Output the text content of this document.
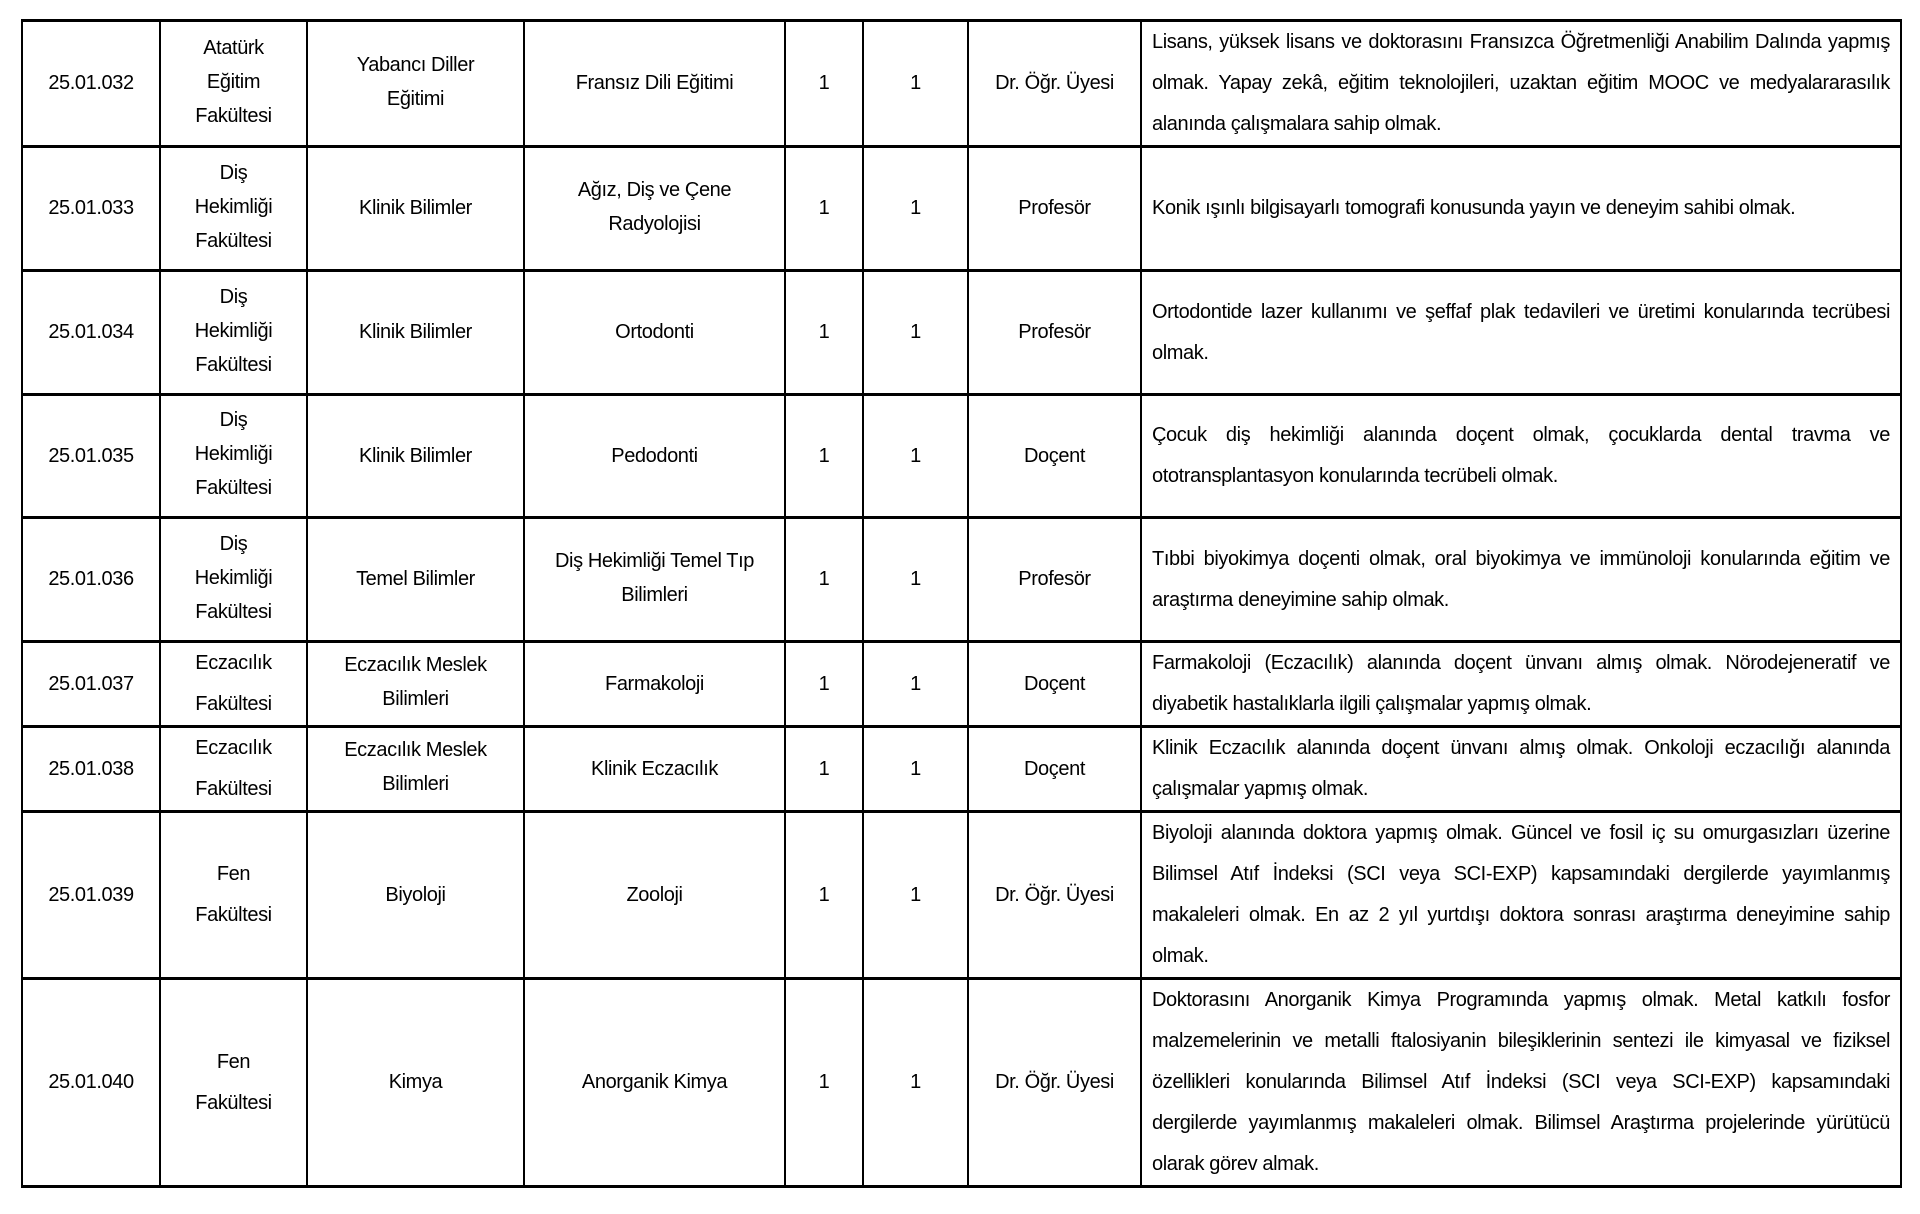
25.01.032	Atatürk Eğitim Fakültesi	Yabancı Diller Eğitimi	Fransız Dili Eğitimi	1	1	Dr. Öğr. Üyesi	Lisans, yüksek lisans ve doktorasını Fransızca Öğretmenliği Anabilim Dalında yapmış olmak. Yapay zekâ, eğitim teknolojileri, uzaktan eğitim MOOC ve medyalararasılık alanında çalışmalara sahip olmak.

25.01.033	Diş Hekimliği Fakültesi	Klinik Bilimler	Ağız, Diş ve Çene Radyolojisi	1	1	Profesör	Konik ışınlı bilgisayarlı tomografi konusunda yayın ve deneyim sahibi olmak.

25.01.034	Diş Hekimliği Fakültesi	Klinik Bilimler	Ortodonti	1	1	Profesör	Ortodontide lazer kullanımı ve şeffaf plak tedavileri ve üretimi konularında tecrübesi olmak.

25.01.035	Diş Hekimliği Fakültesi	Klinik Bilimler	Pedodonti	1	1	Doçent	Çocuk diş hekimliği alanında doçent olmak, çocuklarda dental travma ve ototransplantasyon konularında tecrübeli olmak.

25.01.036	Diş Hekimliği Fakültesi	Temel Bilimler	Diş Hekimliği Temel Tıp Bilimleri	1	1	Profesör	Tıbbi biyokimya doçenti olmak, oral biyokimya ve immünoloji konularında eğitim ve araştırma deneyimine sahip olmak.

25.01.037	Eczacılık Fakültesi	Eczacılık Meslek Bilimleri	Farmakoloji	1	1	Doçent	Farmakoloji (Eczacılık) alanında doçent ünvanı almış olmak. Nörodejeneratif ve diyabetik hastalıklarla ilgili çalışmalar yapmış olmak.

25.01.038	Eczacılık Fakültesi	Eczacılık Meslek Bilimleri	Klinik Eczacılık	1	1	Doçent	Klinik Eczacılık alanında doçent ünvanı almış olmak. Onkoloji eczacılığı alanında çalışmalar yapmış olmak.

25.01.039	Fen Fakültesi	Biyoloji	Zooloji	1	1	Dr. Öğr. Üyesi	Biyoloji alanında doktora yapmış olmak. Güncel ve fosil iç su omurgasızları üzerine Bilimsel Atıf İndeksi (SCI veya SCI-EXP) kapsamındaki dergilerde yayımlanmış makaleleri olmak. En az 2 yıl yurtdışı doktora sonrası araştırma deneyimine sahip olmak.

25.01.040	Fen Fakültesi	Kimya	Anorganik Kimya	1	1	Dr. Öğr. Üyesi	Doktorasını Anorganik Kimya Programında yapmış olmak. Metal katkılı fosfor malzemelerinin ve metalli ftalosiyanin bileşiklerinin sentezi ile kimyasal ve fiziksel özellikleri konularında Bilimsel Atıf İndeksi (SCI veya SCI-EXP) kapsamındaki dergilerde yayımlanmış makaleleri olmak. Bilimsel Araştırma projelerinde yürütücü olarak görev almak.
